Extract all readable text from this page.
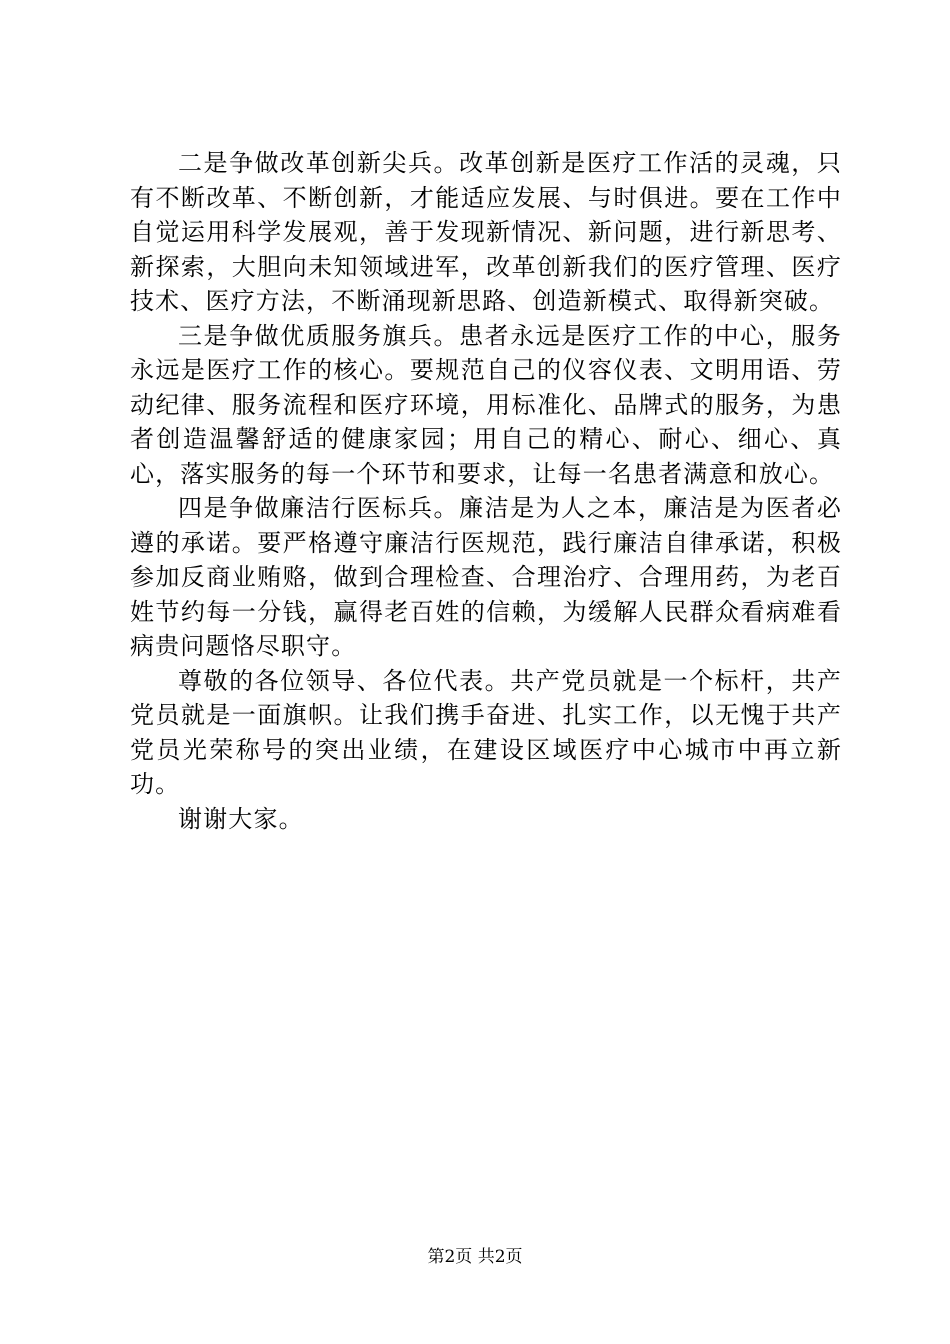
二是争做改革创新尖兵。改革创新是医疗工作活的灵魂，只有不断改革、不断创新，才能适应发展、与时俱进。要在工作中自觉运用科学发展观，善于发现新情况、新问题，进行新思考、新探索，大胆向未知领域进军，改革创新我们的医疗管理、医疗技术、医疗方法，不断涌现新思路、创造新模式、取得新突破。

三是争做优质服务旗兵。患者永远是医疗工作的中心，服务永远是医疗工作的核心。要规范自己的仪容仪表、文明用语、劳动纪律、服务流程和医疗环境，用标准化、品牌式的服务，为患者创造温馨舒适的健康家园；用自己的精心、耐心、细心、真心，落实服务的每一个环节和要求，让每一名患者满意和放心。

四是争做廉洁行医标兵。廉洁是为人之本，廉洁是为医者必遵的承诺。要严格遵守廉洁行医规范，践行廉洁自律承诺，积极参加反商业贿赂，做到合理检查、合理治疗、合理用药，为老百姓节约每一分钱，赢得老百姓的信赖，为缓解人民群众看病难看病贵问题恪尽职守。

尊敬的各位领导、各位代表。共产党员就是一个标杆，共产党员就是一面旗帜。让我们携手奋进、扎实工作，以无愧于共产党员光荣称号的突出业绩，在建设区域医疗中心城市中再立新功。

谢谢大家。

第2页 共2页
